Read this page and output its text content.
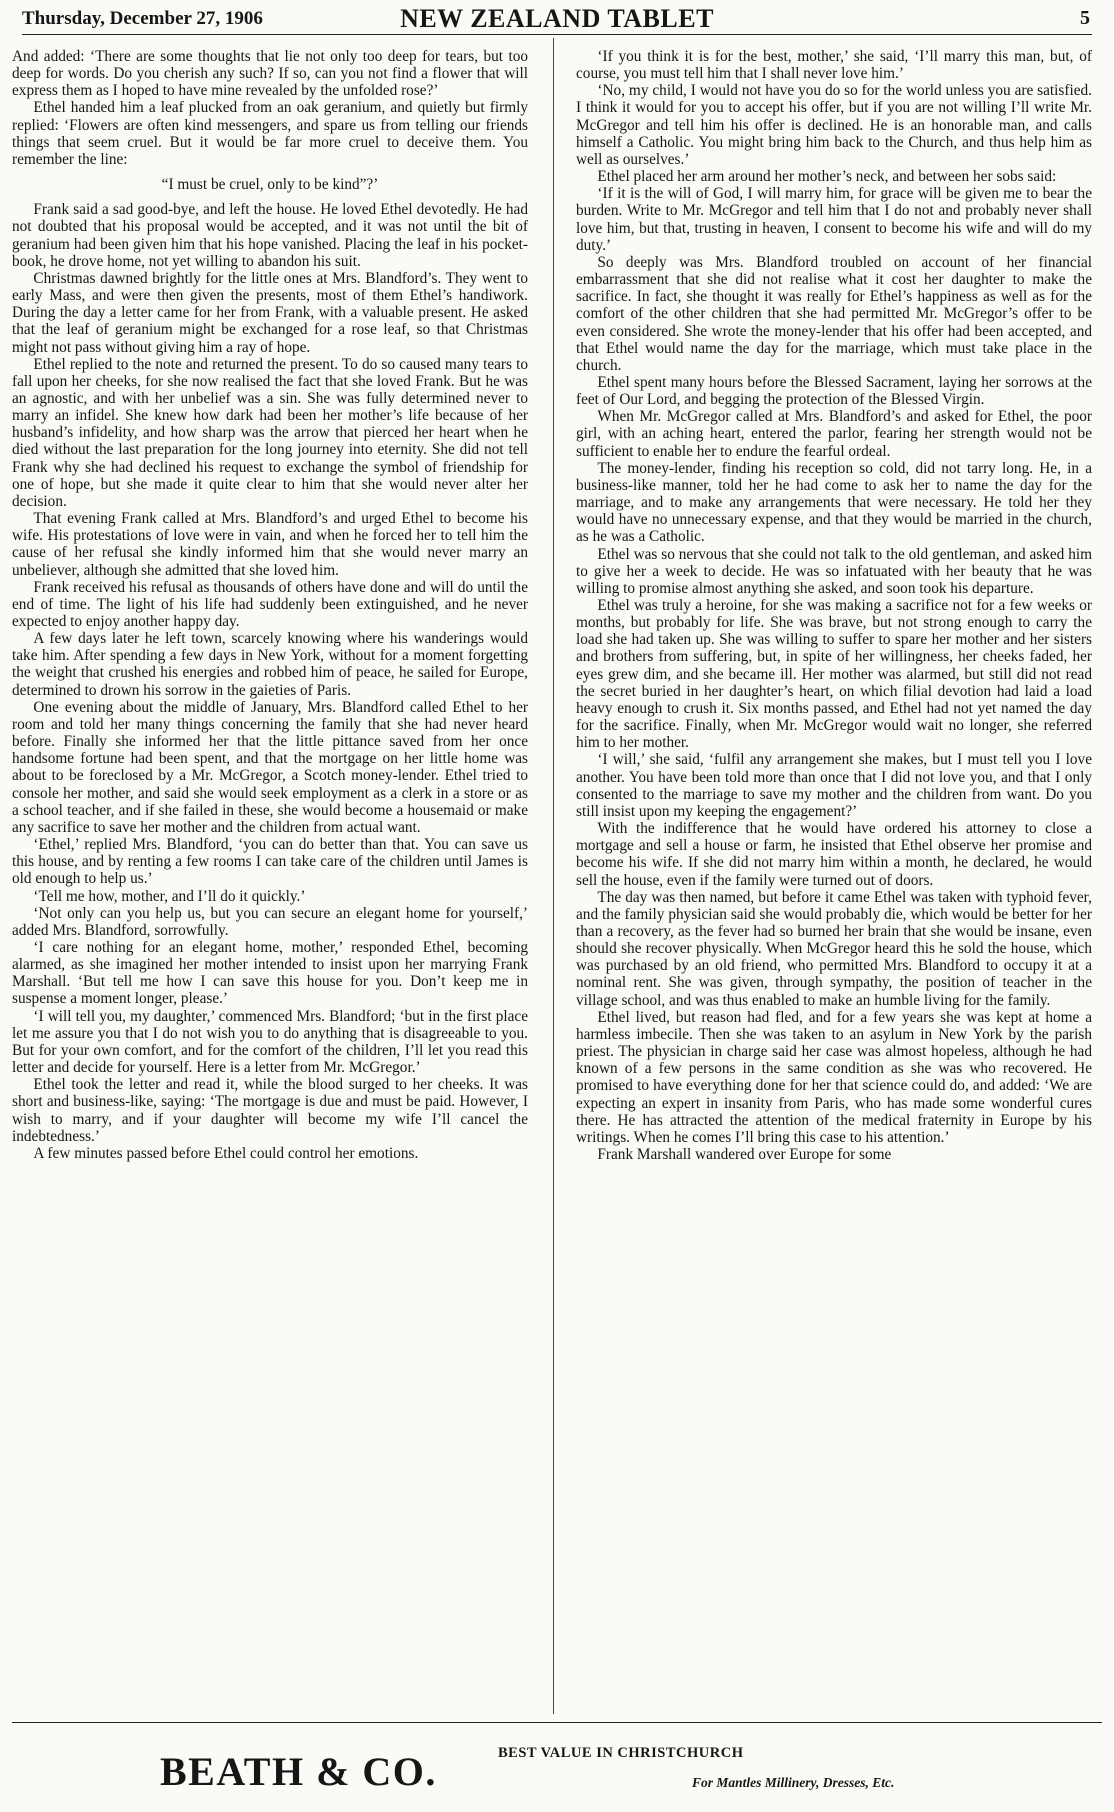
Thursday, December 27, 1906	NEW ZEALAND TABLET	5

And added: ‘There are some thoughts that lie not only too deep for tears, but too deep for words. Do you cherish any such? If so, can you not find a flower that will express them as I hoped to have mine revealed by the unfolded rose?’

Ethel handed him a leaf plucked from an oak geranium, and quietly but firmly replied: ‘Flowers are often kind messengers, and spare us from telling our friends things that seem cruel. But it would be far more cruel to deceive them. You remember the line:

“I must be cruel, only to be kind”?’

Frank said a sad good-bye, and left the house. He loved Ethel devotedly. He had not doubted that his proposal would be accepted, and it was not until the bit of geranium had been given him that his hope vanished. Placing the leaf in his pocket-book, he drove home, not yet willing to abandon his suit.

Christmas dawned brightly for the little ones at Mrs. Blandford’s. They went to early Mass, and were then given the presents, most of them Ethel’s handiwork. During the day a letter came for her from Frank, with a valuable present. He asked that the leaf of geranium might be exchanged for a rose leaf, so that Christmas might not pass without giving him a ray of hope.

Ethel replied to the note and returned the present. To do so caused many tears to fall upon her cheeks, for she now realised the fact that she loved Frank. But he was an agnostic, and with her unbelief was a sin. She was fully determined never to marry an infidel. She knew how dark had been her mother’s life because of her husband’s infidelity, and how sharp was the arrow that pierced her heart when he died without the last preparation for the long journey into eternity. She did not tell Frank why she had declined his request to exchange the symbol of friendship for one of hope, but she made it quite clear to him that she would never alter her decision.

That evening Frank called at Mrs. Blandford’s and urged Ethel to become his wife. His protestations of love were in vain, and when he forced her to tell him the cause of her refusal she kindly informed him that she would never marry an unbeliever, although she admitted that she loved him.

Frank received his refusal as thousands of others have done and will do until the end of time. The light of his life had suddenly been extinguished, and he never expected to enjoy another happy day.

A few days later he left town, scarcely knowing where his wanderings would take him. After spending a few days in New York, without for a moment forgetting the weight that crushed his energies and robbed him of peace, he sailed for Europe, determined to drown his sorrow in the gaieties of Paris.

One evening about the middle of January, Mrs. Blandford called Ethel to her room and told her many things concerning the family that she had never heard before. Finally she informed her that the little pittance saved from her once handsome fortune had been spent, and that the mortgage on her little home was about to be foreclosed by a Mr. McGregor, a Scotch money-lender. Ethel tried to console her mother, and said she would seek employment as a clerk in a store or as a school teacher, and if she failed in these, she would become a housemaid or make any sacrifice to save her mother and the children from actual want.

‘Ethel,’ replied Mrs. Blandford, ‘you can do better than that. You can save us this house, and by renting a few rooms I can take care of the children until James is old enough to help us.’

‘Tell me how, mother, and I’ll do it quickly.’

‘Not only can you help us, but you can secure an elegant home for yourself,’ added Mrs. Blandford, sorrowfully.

‘I care nothing for an elegant home, mother,’ responded Ethel, becoming alarmed, as she imagined her mother intended to insist upon her marrying Frank Marshall. ‘But tell me how I can save this house for you. Don’t keep me in suspense a moment longer, please.’

‘I will tell you, my daughter,’ commenced Mrs. Blandford; ‘but in the first place let me assure you that I do not wish you to do anything that is disagreeable to you. But for your own comfort, and for the comfort of the children, I’ll let you read this letter and decide for yourself. Here is a letter from Mr. McGregor.’

Ethel took the letter and read it, while the blood surged to her cheeks. It was short and business-like, saying: ‘The mortgage is due and must be paid. However, I wish to marry, and if your daughter will become my wife I’ll cancel the indebtedness.’

A few minutes passed before Ethel could control her emotions.

‘If you think it is for the best, mother,’ she said, ‘I’ll marry this man, but, of course, you must tell him that I shall never love him.’

‘No, my child, I would not have you do so for the world unless you are satisfied. I think it would for you to accept his offer, but if you are not willing I’ll write Mr. McGregor and tell him his offer is declined. He is an honorable man, and calls himself a Catholic. You might bring him back to the Church, and thus help him as well as ourselves.’

Ethel placed her arm around her mother’s neck, and between her sobs said:

‘If it is the will of God, I will marry him, for grace will be given me to bear the burden. Write to Mr. McGregor and tell him that I do not and probably never shall love him, but that, trusting in heaven, I consent to become his wife and will do my duty.’

So deeply was Mrs. Blandford troubled on account of her financial embarrassment that she did not realise what it cost her daughter to make the sacrifice. In fact, she thought it was really for Ethel’s happiness as well as for the comfort of the other children that she had permitted Mr. McGregor’s offer to be even considered. She wrote the money-lender that his offer had been accepted, and that Ethel would name the day for the marriage, which must take place in the church.

Ethel spent many hours before the Blessed Sacrament, laying her sorrows at the feet of Our Lord, and begging the protection of the Blessed Virgin.

When Mr. McGregor called at Mrs. Blandford’s and asked for Ethel, the poor girl, with an aching heart, entered the parlor, fearing her strength would not be sufficient to enable her to endure the fearful ordeal.

The money-lender, finding his reception so cold, did not tarry long. He, in a business-like manner, told her he had come to ask her to name the day for the marriage, and to make any arrangements that were necessary. He told her they would have no unnecessary expense, and that they would be married in the church, as he was a Catholic.

Ethel was so nervous that she could not talk to the old gentleman, and asked him to give her a week to decide. He was so infatuated with her beauty that he was willing to promise almost anything she asked, and soon took his departure.

Ethel was truly a heroine, for she was making a sacrifice not for a few weeks or months, but probably for life. She was brave, but not strong enough to carry the load she had taken up. She was willing to suffer to spare her mother and her sisters and brothers from suffering, but, in spite of her willingness, her cheeks faded, her eyes grew dim, and she became ill. Her mother was alarmed, but still did not read the secret buried in her daughter’s heart, on which filial devotion had laid a load heavy enough to crush it. Six months passed, and Ethel had not yet named the day for the sacrifice. Finally, when Mr. McGregor would wait no longer, she referred him to her mother.

‘I will,’ she said, ‘fulfil any arrangement she makes, but I must tell you I love another. You have been told more than once that I did not love you, and that I only consented to the marriage to save my mother and the children from want. Do you still insist upon my keeping the engagement?’

With the indifference that he would have ordered his attorney to close a mortgage and sell a house or farm, he insisted that Ethel observe her promise and become his wife. If she did not marry him within a month, he declared, he would sell the house, even if the family were turned out of doors.

The day was then named, but before it came Ethel was taken with typhoid fever, and the family physician said she would probably die, which would be better for her than a recovery, as the fever had so burned her brain that she would be insane, even should she recover physically. When McGregor heard this he sold the house, which was purchased by an old friend, who permitted Mrs. Blandford to occupy it at a nominal rent. She was given, through sympathy, the position of teacher in the village school, and was thus enabled to make an humble living for the family.

Ethel lived, but reason had fled, and for a few years she was kept at home a harmless imbecile. Then she was taken to an asylum in New York by the parish priest. The physician in charge said her case was almost hopeless, although he had known of a few persons in the same condition as she was who recovered. He promised to have everything done for her that science could do, and added: ‘We are expecting an expert in insanity from Paris, who has made some wonderful cures there. He has attracted the attention of the medical fraternity in Europe by his writings. When he comes I’ll bring this case to his attention.’

Frank Marshall wandered over Europe for some

BEATH & CO.	BEST VALUE IN CHRISTCHURCH
For Mantles Millinery, Dresses, Etc.
